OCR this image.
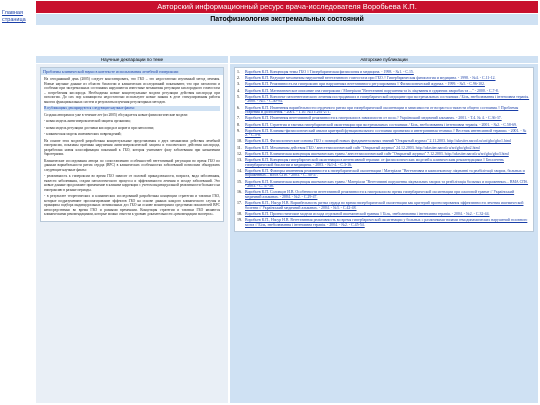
Главная
страница
Авторский информационный ресурс врача-исследователя Воробьева К.П.
Патофизиология экстремальных состояний
Научные декларации по теме	Авторские публикации
Проблемы клинической науки в контексте использования лечебной гипероксии

На сегодняшний день (2005) следует констатировать, что ГБО – это недостаточно изученный метод лечения. Новые научные данные из области биологии и клинических исследований показывают, что при патологии и особенно при экстремальных состояниях нарушаются известные механизмы регуляции кислородного гомеостаза – потребления кислорода. Необходимы новые концептуальные модели регуляции действия кислорода при патологии. До сих пор клиницисты недостаточно используют новые знания в деле стимулирования работы многих функциональных систем и результаты изучения регуляторных методов.

В публикациях декларируются следующие научные факты:

Создана авторами и уже в течение лет (из 2005) обсуждается новые физиологические модели:

- новая модель антигипероксической защиты организма;

- новая модель регуляции доставки кислорода в норме и при патологии;

- клиническая модель ишемических повреждений;

На основе этих моделей разработаны концептуальные представления о двух механизмах действия лечебной гипероксии, показаны причины нарушения антигипероксической защиты и токсического действия кислорода, разработана новая классификация показаний к ГБО, которая учитывает фазу заболевания при назначении баротерапии.

Клинические исследования автора по сопоставлению особенностей вегетативной регуляции во время ГБО по данным вариабельности ритма сердца (ВРС) в клинических особенностях заболеваний позволили обнаружить следующие научные факты:

- реактивность к гипероксии во время ГБО зависит от половой принадлежности, возраста, вида заболевания, тяжести заболевания, стадии патологического процесса и эффективности лечения в исходе заболеваний. Это новые данные продолжают применение в клинике коррекции с учетом индивидуальной реактивности больного на гипероксию в разные периоды.

- в результате теоретических и клинических исследований разработаны концепции стратегии и тактики ГБО, которые подразумевают пролонгирование эффектов ГБО на основе данных каждого клинического случая и принципы подбора индивидуальных оптимальных доз ГБО на основе мониторинга средствами показателей ВРС непосредственно во время ГБО и разными временами. Концепция стратегии и тактики ГБО являются клиническими рекомендациями, которые можно отнести к уровню доказательности «рекомендации эксперта».

1. Воробьев К.П. Концепция темы ГБО // Гипербарическая физиология и медицина. - 1998. - №1. - С.15.
2. Воробьев К.П. Ведущие механизмы нарушений вегетативного гомеостаза при ГБО // Гипербарическая физиология и медицина. - 1998. - №4. - С.11-12.
3. Воробьев К.П. Реактивность на гипероксию при нарушениях вегетативного регулирования // Физиологический журнал. - 1999. - №5. - С.96-102.
4. Воробьев К.П. Математическое описание сна гипероксии / Матеріали "Вегетативні порушення та їх лікування в судинних хворобах та ..." - 2000. - С.7-8.
5. Воробьев К.П. Конспект патогенетического лечения пострадавших в гипербарической медицине при экстремальных состояниях / Біль, знеболювання і інтенсивна терапія. - 2000. - №1. - С.40-94.
6. Воробьев К.П. Изменения вариабельности сердечного ритма при гипербарической оксигенации в зависимости от возраста и тяжести общего состояния // Проблемы старения и долголетия. - 2001. - Т.10. №3 с.261-271.
7. Воробьев К.П. Изменения вегетативной реактивности к гипероксии в зависимости от пола // Український медичний альманах. - 2001. - Т.4. № 4. - С.36-37.
8. Воробьев К.П. Стратегия и тактика гипербарической оксигенации при экстремальных состояниях / Біль, знеболювання і інтенсивна терапія. - 2001. - №2. - С.58-69.
9. Воробьев К.П. Клинико-физиологический анализ критерий функционального состояния организма и интегративная техника // Вестник интенсивной терапии. - 2001. - № 2. - С.5-8.
10. Воробьев К.П. Физиологические основы ГБО с позиций новых фундаментальных знаний "Открытый журнал" 2.11.2003. http://ukrsiter.narod.ru/art/gbo/gbo1.html
11. Воробьев К.П. Механизмы действия ГБО / анестезиологический сайт "Открытый журнал" 24.12.2003. http://ukrsiter.narod.ru/art/gbo/gbo2.html
12. Воробьев К.П. Клиническая концепция ишемических травм / анестезиологический сайт "Открытый журнал" 7.12.2003. http://ukrsiter.narod.ru/art/gbo/gbo3.html
13. Воробьев К.П. Концепция гипербарической оксигенации в интенсивной терапии: от физиологических моделей к клиническим рекомендациям // Бюллетень гипербарической биологии и медицины. - 2003. - №1-4. - С.3-16.
14. Воробьев К.П. Факторы изменения реактивности к гипербарической оксигенации / Матеріали "Вегетативна в комплексному лікуванні та реабілітації хворих, больных и пораженных... ВМА СПб. - 2003. - С. 36-37.
15. Воробьев К.П. Клиническая концепция ишемических травм / Матеріали "Вегетативні порушення лікувальних хворих та реабілітація больных и пораженных... ВМА СПб. - 2003. - С. 37-38.
16. Воробьев К.П. Соловцов И.В. Особенности вегетативной реактивности к гипероксии во время гипербарической оксигенации при ожоговой травме // Український медичний альманах. - 2004. - №2. - С.29-47.
17. Воробьев К.П., Насур Н.В. Вариабельность ритма сердца во время гипербарической оксигенации как критерий прогнозирования эффективности лечения ишемической болезни // Український медичний альманах. - 2004. - №3. - С.42-48.
18. Воробьев К.П. Прогностические модели исхода отдельной ишемической травмы // Біль, знеболювання і інтенсивна терапія. - 2004. - №2. - С.32-44.
19. Воробьев К.П., Насур Н.В. Вегетативная реактивность во время гипербарической оксигенации у больных с различными типами гемодинамических нарушений головного мозга // Біль, знеболювання і інтенсивна терапія. - 2004. - №2. - С.45-54.
